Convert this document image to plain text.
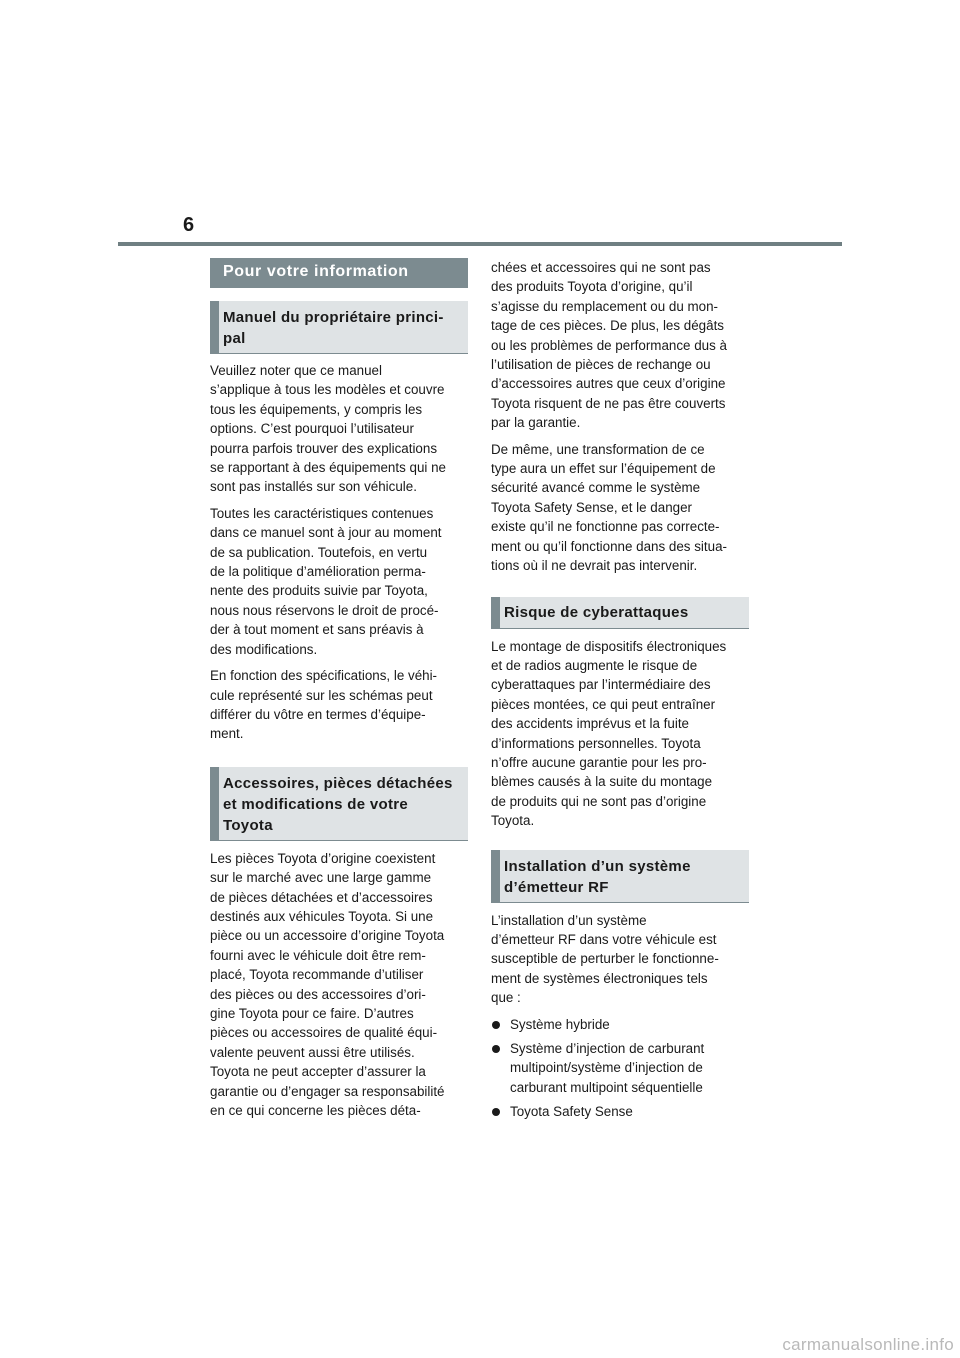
6
Pour votre information
Manuel du propriétaire princi-
pal

Veuillez noter que ce manuel
s’applique à tous les modèles et couvre
tous les équipements, y compris les
options. C’est pourquoi l’utilisateur
pourra parfois trouver des explications
se rapportant à des équipements qui ne
sont pas installés sur son véhicule.

Toutes les caractéristiques contenues
dans ce manuel sont à jour au moment
de sa publication. Toutefois, en vertu
de la politique d’amélioration perma-
nente des produits suivie par Toyota,
nous nous réservons le droit de procé-
der à tout moment et sans préavis à
des modifications.

En fonction des spécifications, le véhi-
cule représenté sur les schémas peut
différer du vôtre en termes d’équipe-
ment.

Accessoires, pièces détachées
et modifications de votre
Toyota

Les pièces Toyota d’origine coexistent
sur le marché avec une large gamme
de pièces détachées et d’accessoires
destinés aux véhicules Toyota. Si une
pièce ou un accessoire d’origine Toyota
fourni avec le véhicule doit être rem-
placé, Toyota recommande d’utiliser
des pièces ou des accessoires d’ori-
gine Toyota pour ce faire. D’autres
pièces ou accessoires de qualité équi-
valente peuvent aussi être utilisés.
Toyota ne peut accepter d’assurer la
garantie ou d’engager sa responsabilité
en ce qui concerne les pièces déta-

chées et accessoires qui ne sont pas
des produits Toyota d’origine, qu’il
s’agisse du remplacement ou du mon-
tage de ces pièces. De plus, les dégâts
ou les problèmes de performance dus à
l’utilisation de pièces de rechange ou
d’accessoires autres que ceux d’origine
Toyota risquent de ne pas être couverts
par la garantie.

De même, une transformation de ce
type aura un effet sur l’équipement de
sécurité avancé comme le système
Toyota Safety Sense, et le danger
existe qu’il ne fonctionne pas correcte-
ment ou qu’il fonctionne dans des situa-
tions où il ne devrait pas intervenir.

Risque de cyberattaques

Le montage de dispositifs électroniques
et de radios augmente le risque de
cyberattaques par l’intermédiaire des
pièces montées, ce qui peut entraîner
des accidents imprévus et la fuite
d’informations personnelles. Toyota
n’offre aucune garantie pour les pro-
blèmes causés à la suite du montage
de produits qui ne sont pas d’origine
Toyota.

Installation d’un système
d’émetteur RF

L’installation d’un système
d’émetteur RF dans votre véhicule est
susceptible de perturber le fonctionne-
ment de systèmes électroniques tels
que :

Système hybride
Système d’injection de carburant
multipoint/système d’injection de
carburant multipoint séquentielle
Toyota Safety Sense
carmanualsonline.info
